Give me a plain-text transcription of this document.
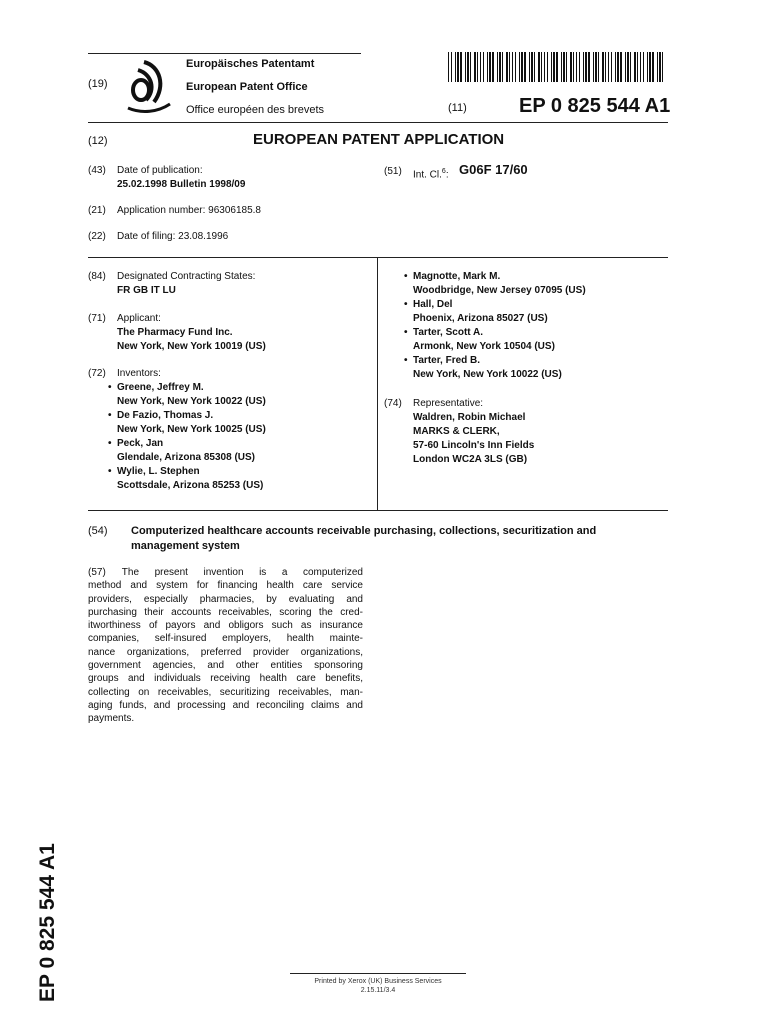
(19)
Europäisches Patentamt
European Patent Office
Office européen des brevets	(11)	EP 0 825 544 A1
(12)	EUROPEAN PATENT APPLICATION
(43) Date of publication:
25.02.1998 Bulletin 1998/09
(51) Int. Cl.$^6$: G06F 17/60
(21) Application number: 96306185.8
(22) Date of filing: 23.08.1996
(84) Designated Contracting States:
FR GB IT LU
(71) Applicant:
The Pharmacy Fund Inc.
New York, New York 10019 (US)
(72) Inventors:
• Greene, Jeffrey M.
New York, New York 10022 (US)
• De Fazio, Thomas J.
New York, New York 10025 (US)
• Peck, Jan
Glendale, Arizona 85308 (US)
• Wylie, L. Stephen
Scottsdale, Arizona 85253 (US)
• Magnotte, Mark M.
Woodbridge, New Jersey 07095 (US)
• Hall, Del
Phoenix, Arizona 85027 (US)
• Tarter, Scott A.
Armonk, New York 10504 (US)
• Tarter, Fred B.
New York, New York 10022 (US)
(74) Representative:
Waldren, Robin Michael
MARKS & CLERK,
57-60 Lincoln's Inn Fields
London WC2A 3LS (GB)
(54) Computerized healthcare accounts receivable purchasing, collections, securitization and
management system
(57) The present invention is a computerized
method and system for financing health care service
providers, especially pharmacies, by evaluating and
purchasing their accounts receivables, scoring the cred-
itworthiness of payors and obligors such as insurance
companies, self-insured employers, health mainte-
nance organizations, preferred provider organizations,
government agencies, and other entities sponsoring
groups and individuals receiving health care benefits,
collecting on receivables, securitizing receivables, man-
aging funds, and processing and reconciling claims and
payments.
EP 0 825 544 A1	Printed by Xerox (UK) Business Services
2.15.11/3.4
